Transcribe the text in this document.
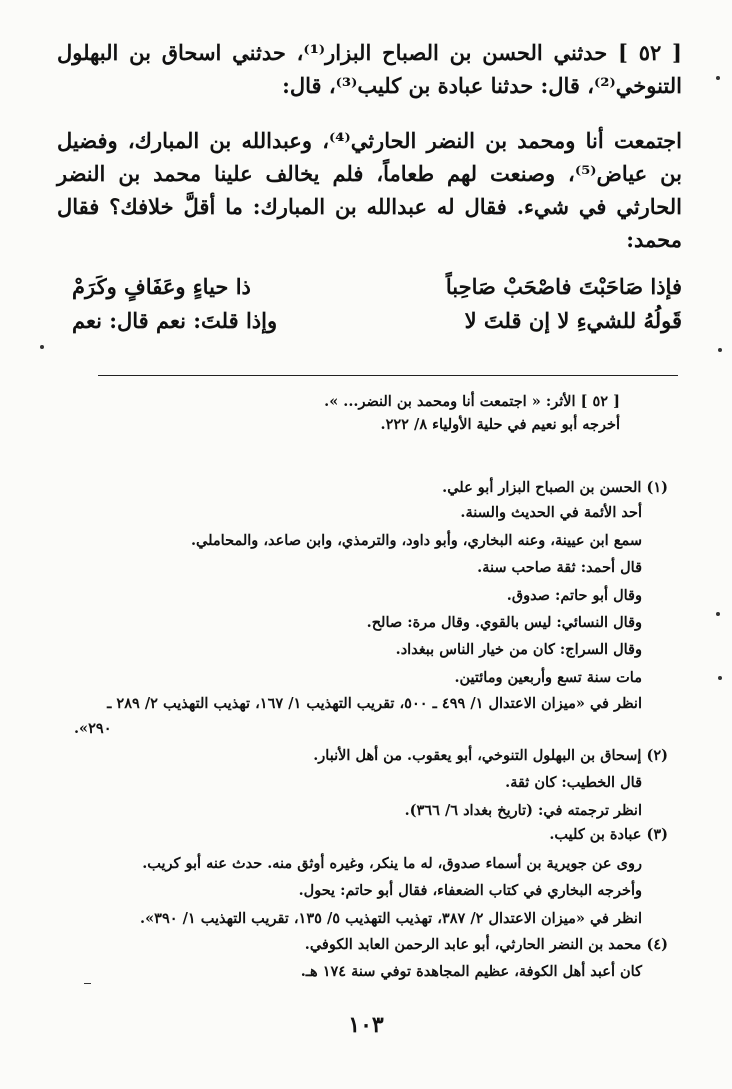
[ ٥٢ ] حدثني الحسن بن الصباح البزار⁽¹⁾، حدثني اسحاق بن البهلول التنوخي⁽²⁾، قال: حدثنا عبادة بن كليب⁽³⁾، قال:
اجتمعت أنا ومحمد بن النضر الحارثي⁽⁴⁾، وعبدالله بن المبارك، وفضيل بن عياض⁽⁵⁾، وصنعت لهم طعاماً، فلم يخالف علينا محمد بن النضر الحارثي في شيء. فقال له عبدالله بن المبارك: ما أقلَّ خلافك؟ فقال محمد:
فإذا صَاحَبْتَ فاصْحَبْ صَاحِباً
ذا حياءٍ وعَفَافٍ وكَرَمْ
قَولُهُ للشيءِ لا إن قلتَ لا
وإذا قلتَ: نعم قال: نعم
[ ٥٢ ] الأثر: « اجتمعت أنا ومحمد بن النضر... ».
أخرجه أبو نعيم في حلية الأولياء ٨/ ٢٢٢.
(١) الحسن بن الصباح البزار أبو علي.
أحد الأئمة في الحديث والسنة.
سمع ابن عيينة، وعنه البخاري، وأبو داود، والترمذي، وابن صاعد، والمحاملي.
قال أحمد: ثقة صاحب سنة.
وقال أبو حاتم: صدوق.
وقال النسائي: ليس بالقوي. وقال مرة: صالح.
وقال السراج: كان من خيار الناس ببغداد.
مات سنة تسع وأربعين ومائتين.
انظر في «ميزان الاعتدال ١/ ٤٩٩ ـ ٥٠٠، تقريب التهذيب ١/ ١٦٧، تهذيب التهذيب ٢/ ٢٨٩ ـ
٢٩٠».
(٢) إسحاق بن البهلول التنوخي، أبو يعقوب. من أهل الأنبار.
قال الخطيب: كان ثقة.
انظر ترجمته في: (تاريخ بغداد ٦/ ٣٦٦).
(٣) عبادة بن كليب.
روى عن جويرية بن أسماء صدوق، له ما ينكر، وغيره أوثق منه. حدث عنه أبو كريب.
وأخرجه البخاري في كتاب الضعفاء، فقال أبو حاتم: يحول.
انظر في «ميزان الاعتدال ٢/ ٣٨٧، تهذيب التهذيب ٥/ ١٣٥، تقريب التهذيب ١/ ٣٩٠».
(٤) محمد بن النضر الحارثي، أبو عابد الرحمن العابد الكوفي.
كان أعبد أهل الكوفة، عظيم المجاهدة توفي سنة ١٧٤ هـ.
١٠٣
